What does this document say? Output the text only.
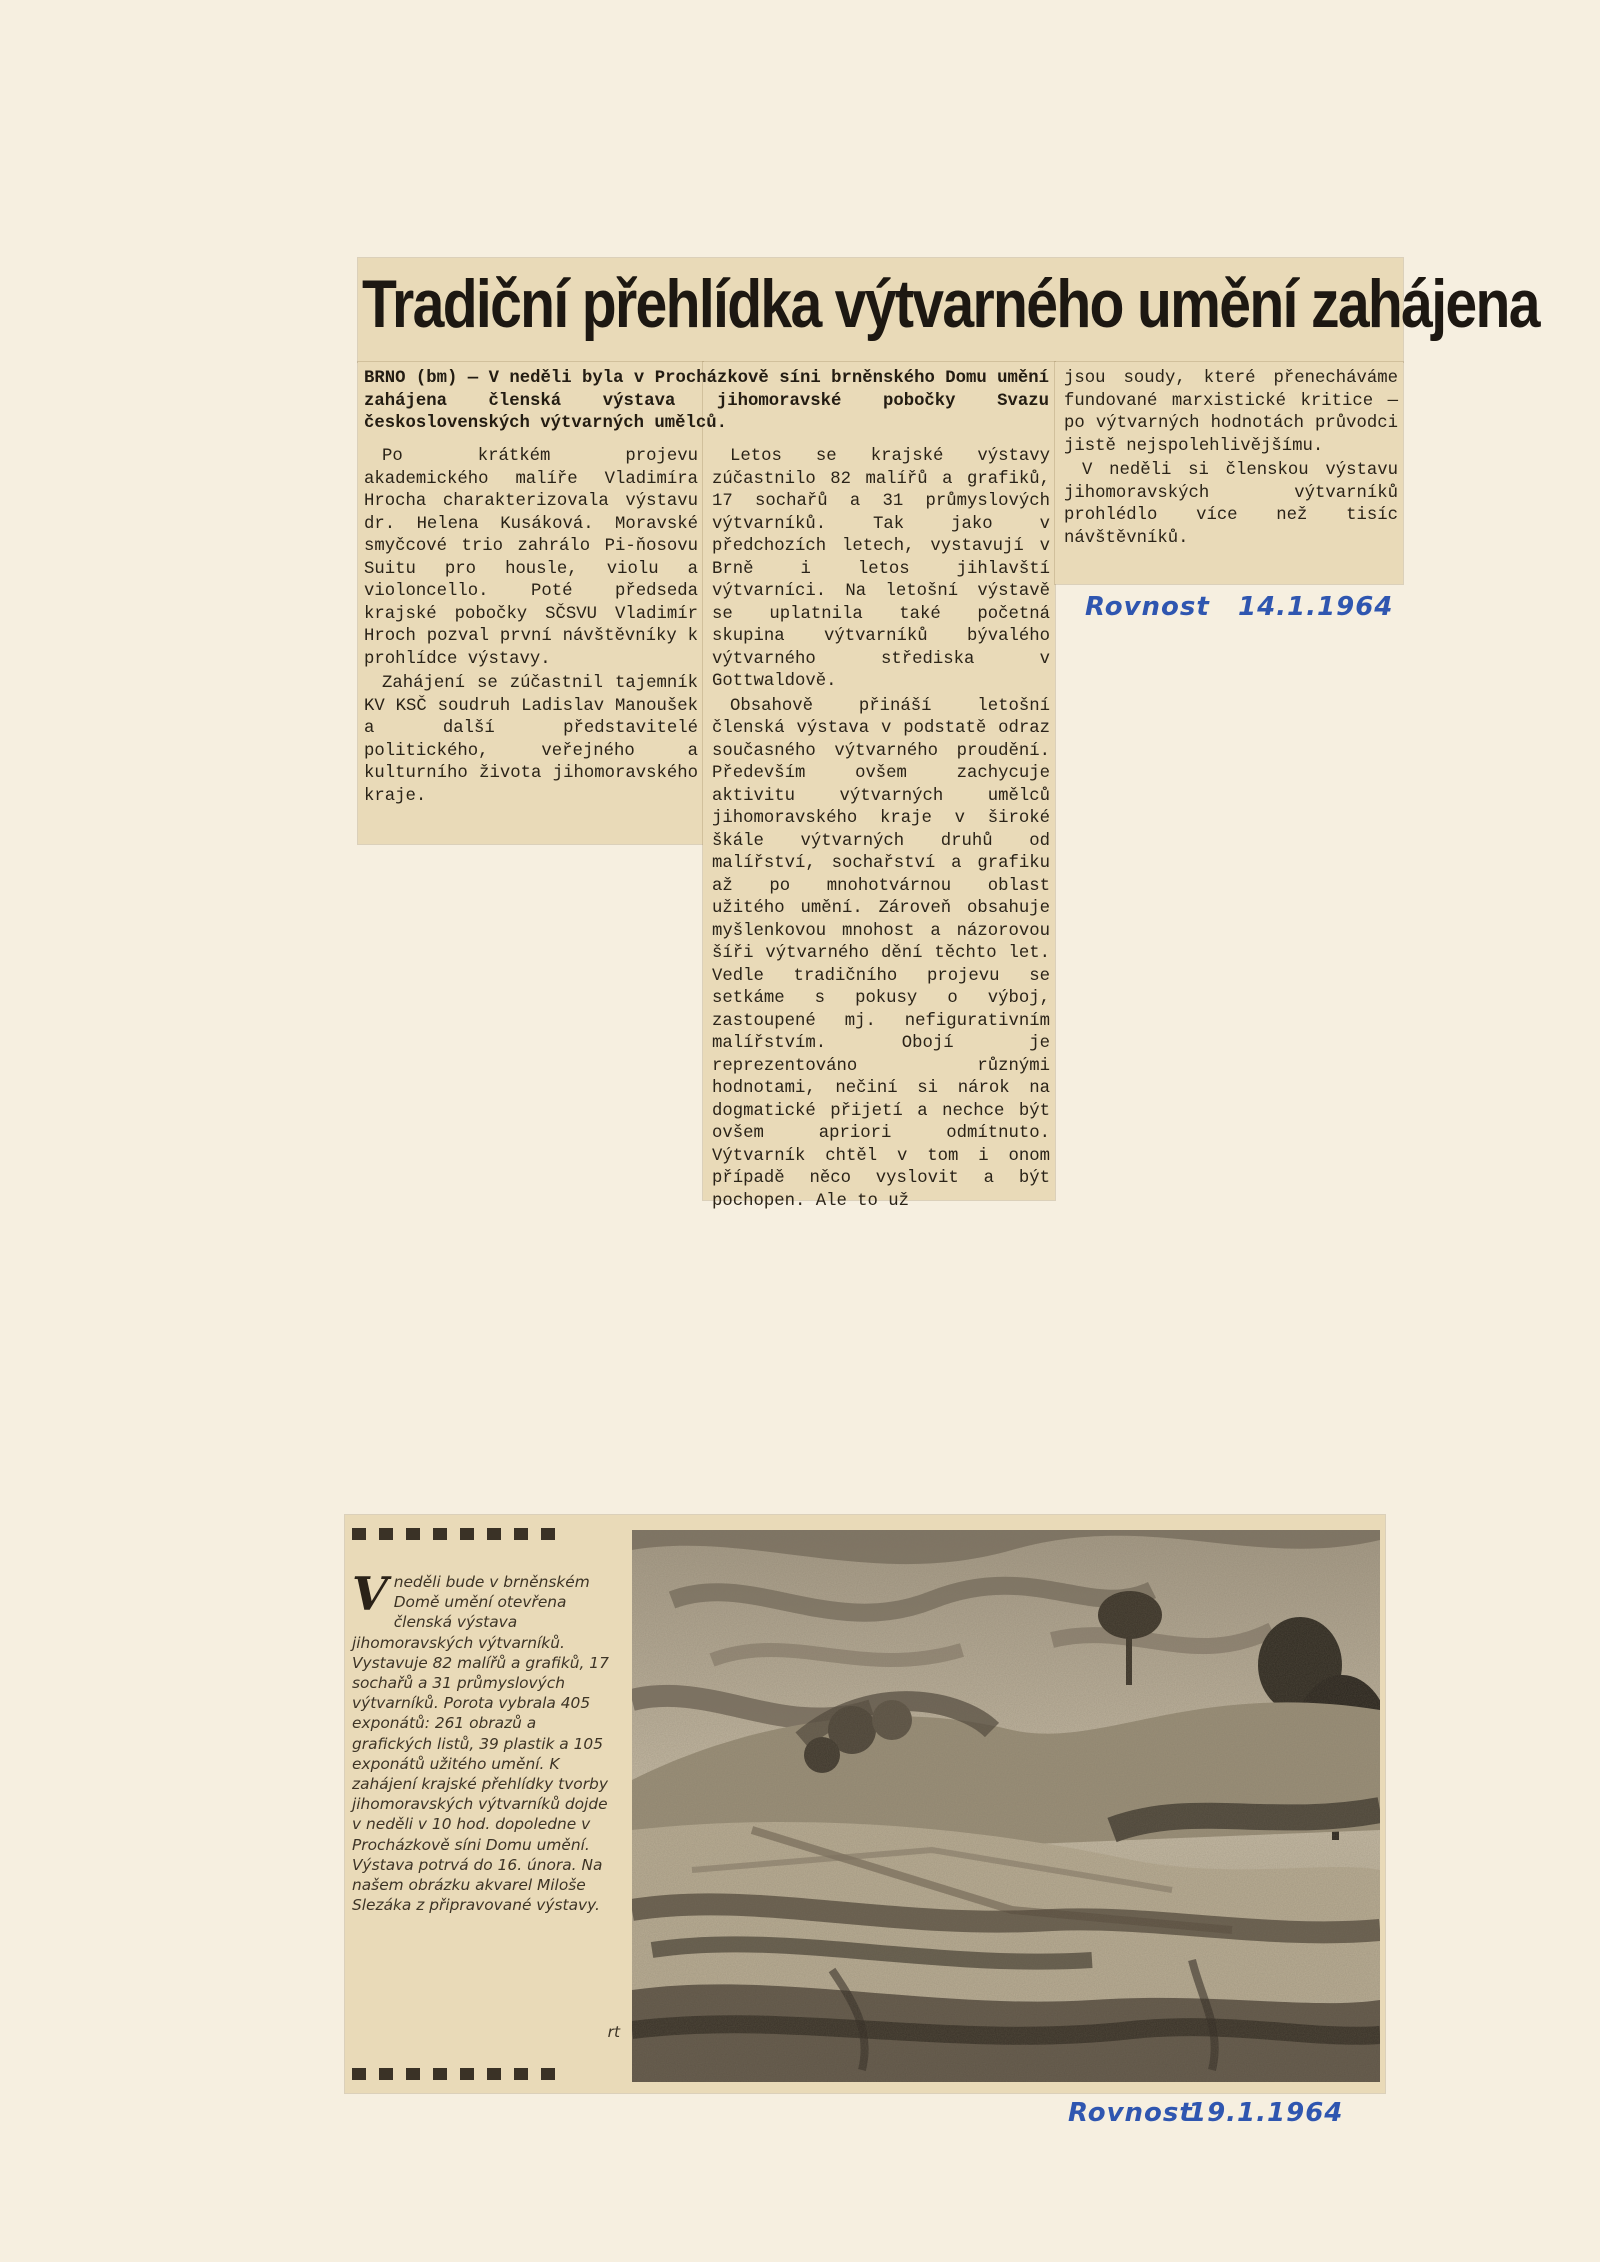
Tradiční přehlídka výtvarného umění zahájena
BRNO (bm) — V neděli byla v Procházkově síni brněnského Domu umění zahájena členská výstava jihomoravské pobočky Svazu československých výtvarných umělců.

Po krátkém projevu akademického malíře Vladimíra Hrocha charakterizovala výstavu dr. Helena Kusáková. Moravské smyčcové trio zahrálo Pi-ňosovu Suitu pro housle, violu a violoncello. Poté předseda krajské pobočky SČSVU Vladimír Hroch pozval první návštěvníky k prohlídce výstavy.

Zahájení se zúčastnil tajemník KV KSČ soudruh Ladislav Manoušek a další představitelé politického, veřejného a kulturního života jihomoravského kraje.

Letos se krajské výstavy zúčastnilo 82 malířů a grafiků, 17 sochařů a 31 průmyslových výtvarníků. Tak jako v předchozích letech, vystavují v Brně i letos jihlavští výtvarníci. Na letošní výstavě se uplatnila také početná skupina výtvarníků bývalého výtvarného střediska v Gottwaldově.

Obsahově přináší letošní členská výstava v podstatě odraz současného výtvarného proudění. Především ovšem zachycuje aktivitu výtvarných umělců jihomoravského kraje v široké škále výtvarných druhů od malířství, sochařství a grafiku až po mnohotvárnou oblast užitého umění. Zároveň obsahuje myšlenkovou mnohost a názorovou šíři výtvarného dění těchto let. Vedle tradičního projevu se setkáme s pokusy o výboj, zastoupené mj. nefigurativním malířstvím. Obojí je reprezentováno různými hodnotami, nečiní si nárok na dogmatické přijetí a nechce být ovšem apriori odmítnuto. Výtvarník chtěl v tom i onom případě něco vyslovit a být pochopen. Ale to už

jsou soudy, které přenecháváme fundované marxistické kritice — po výtvarných hodnotách průvodci jistě nejspolehlivějšímu.

V neděli si členskou výstavu jihomoravských výtvarníků prohlédlo více než tisíc návštěvníků.

Rovnost 14.1.1964
V neděli bude v brněnském Domě umění otevřena členská výstava jihomoravských výtvarníků. Vystavuje 82 malířů a grafiků, 17 sochařů a 31 průmyslových výtvarníků. Porota vybrala 405 exponátů: 261 obrazů a grafických listů, 39 plastik a 105 exponátů užitého umění. K zahájení krajské přehlídky tvorby jihomoravských výtvarníků dojde v neděli v 10 hod. dopoledne v Procházkově síni Domu umění. Výstava potrvá do 16. února. Na našem obrázku akvarel Miloše Slezáka z připravované výstavy.
rt
Rovnost
19.1.1964
